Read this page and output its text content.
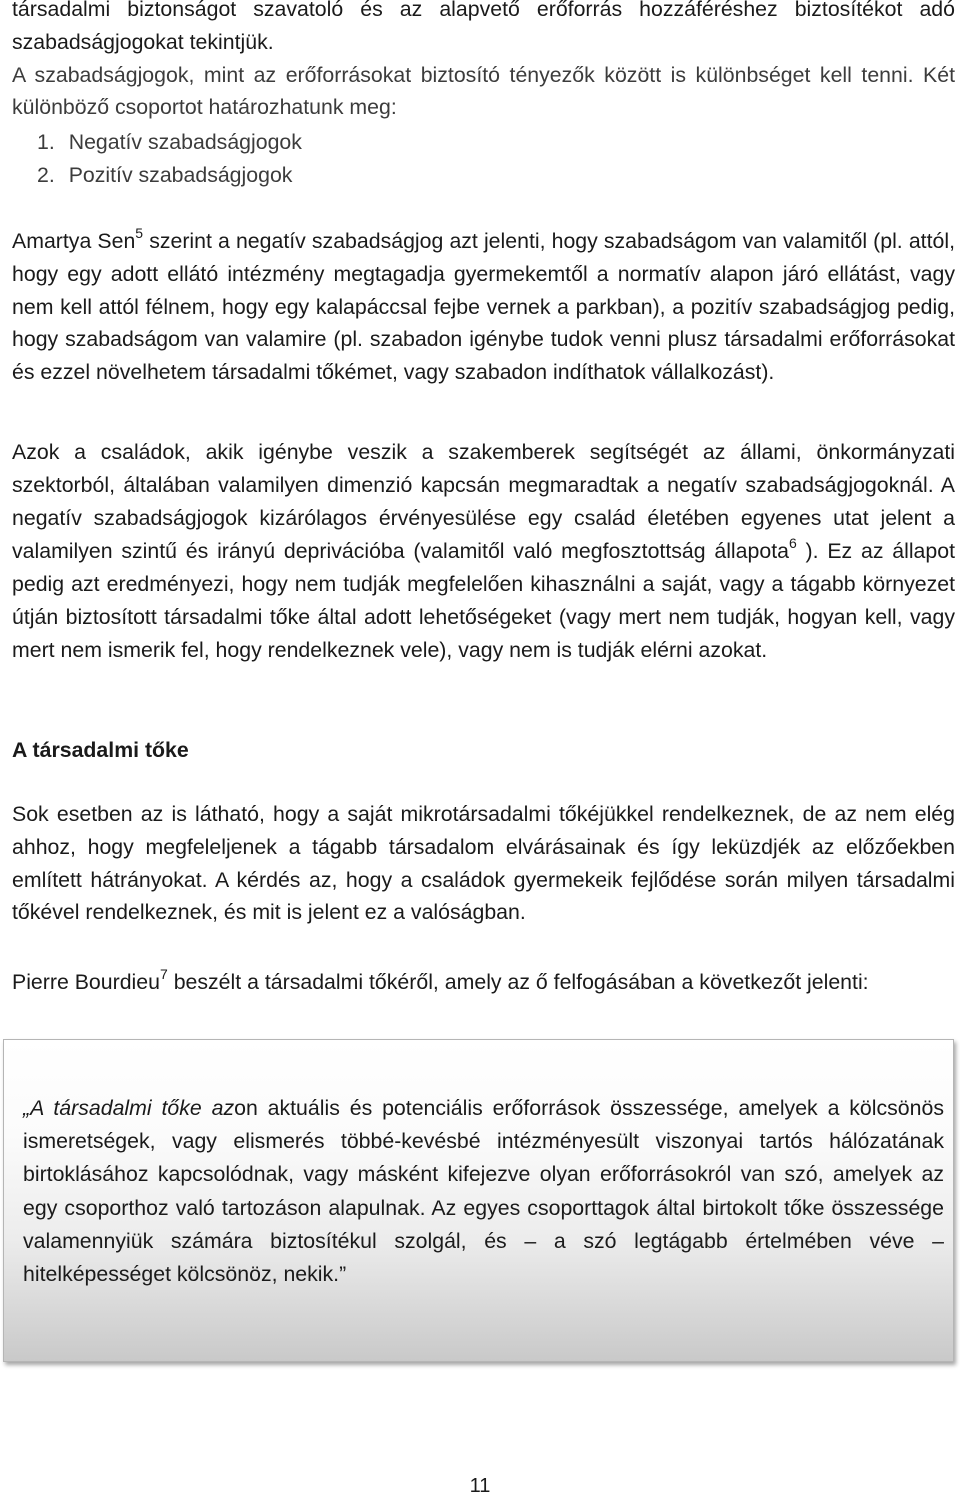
társadalmi biztonságot szavatoló és az alapvető erőforrás hozzáféréshez biztosítékot adó szabadságjogokat tekintjük.

A szabadságjogok, mint az erőforrásokat biztosító tényezők között is különbséget kell tenni. Két különböző csoportot határozhatunk meg:

1. Negatív szabadságjogok
2. Pozitív szabadságjogok

Amartya Sen$^5$ szerint a negatív szabadságjog azt jelenti, hogy szabadságom van valamitől (pl. attól, hogy egy adott ellátó intézmény megtagadja gyermekemtől a normatív alapon járó ellátást, vagy nem kell attól félnem, hogy egy kalapáccsal fejbe vernek a parkban), a pozitív szabadságjog pedig, hogy szabadságom van valamire (pl. szabadon igénybe tudok venni plusz társadalmi erőforrásokat és ezzel növelhetem társadalmi tőkémet, vagy szabadon indíthatok vállalkozást).

Azok a családok, akik igénybe veszik a szakemberek segítségét az állami, önkormányzati szektorból, általában valamilyen dimenzió kapcsán megmaradtak a negatív szabadságjogoknál. A negatív szabadságjogok kizárólagos érvényesülése egy család életében egyenes utat jelent a valamilyen szintű és irányú deprivációba (valamitől való megfosztottság állapota$^6$ ). Ez az állapot pedig azt eredményezi, hogy nem tudják megfelelően kihasználni a saját, vagy a tágabb környezet útján biztosított társadalmi tőke által adott lehetőségeket (vagy mert nem tudják, hogyan kell, vagy mert nem ismerik fel, hogy rendelkeznek vele), vagy nem is tudják elérni azokat.

A társadalmi tőke

Sok esetben az is látható, hogy a saját mikrotársadalmi tőkéjükkel rendelkeznek, de az nem elég ahhoz, hogy megfeleljenek a tágabb társadalom elvárásainak és így leküzdjék az előzőekben említett hátrányokat. A kérdés az, hogy a családok gyermekeik fejlődése során milyen társadalmi tőkével rendelkeznek, és mit is jelent ez a valóságban.

Pierre Bourdieu$^7$ beszélt a társadalmi tőkéről, amely az ő felfogásában a következőt jelenti:

„A társadalmi tőke azon aktuális és potenciális erőforrások összessége, amelyek a kölcsönös ismeretségek, vagy elismerés többé-kevésbé intézményesült viszonyai tartós hálózatának birtoklásához kapcsolódnak, vagy másként kifejezve olyan erőforrásokról van szó, amelyek az egy csoporthoz való tartozáson alapulnak. Az egyes csoporttagok által birtokolt tőke összessége valamennyiük számára biztosítékul szolgál, és – a szó legtágabb értelmében véve – hitelképességet kölcsönöz, nekik.”

11
